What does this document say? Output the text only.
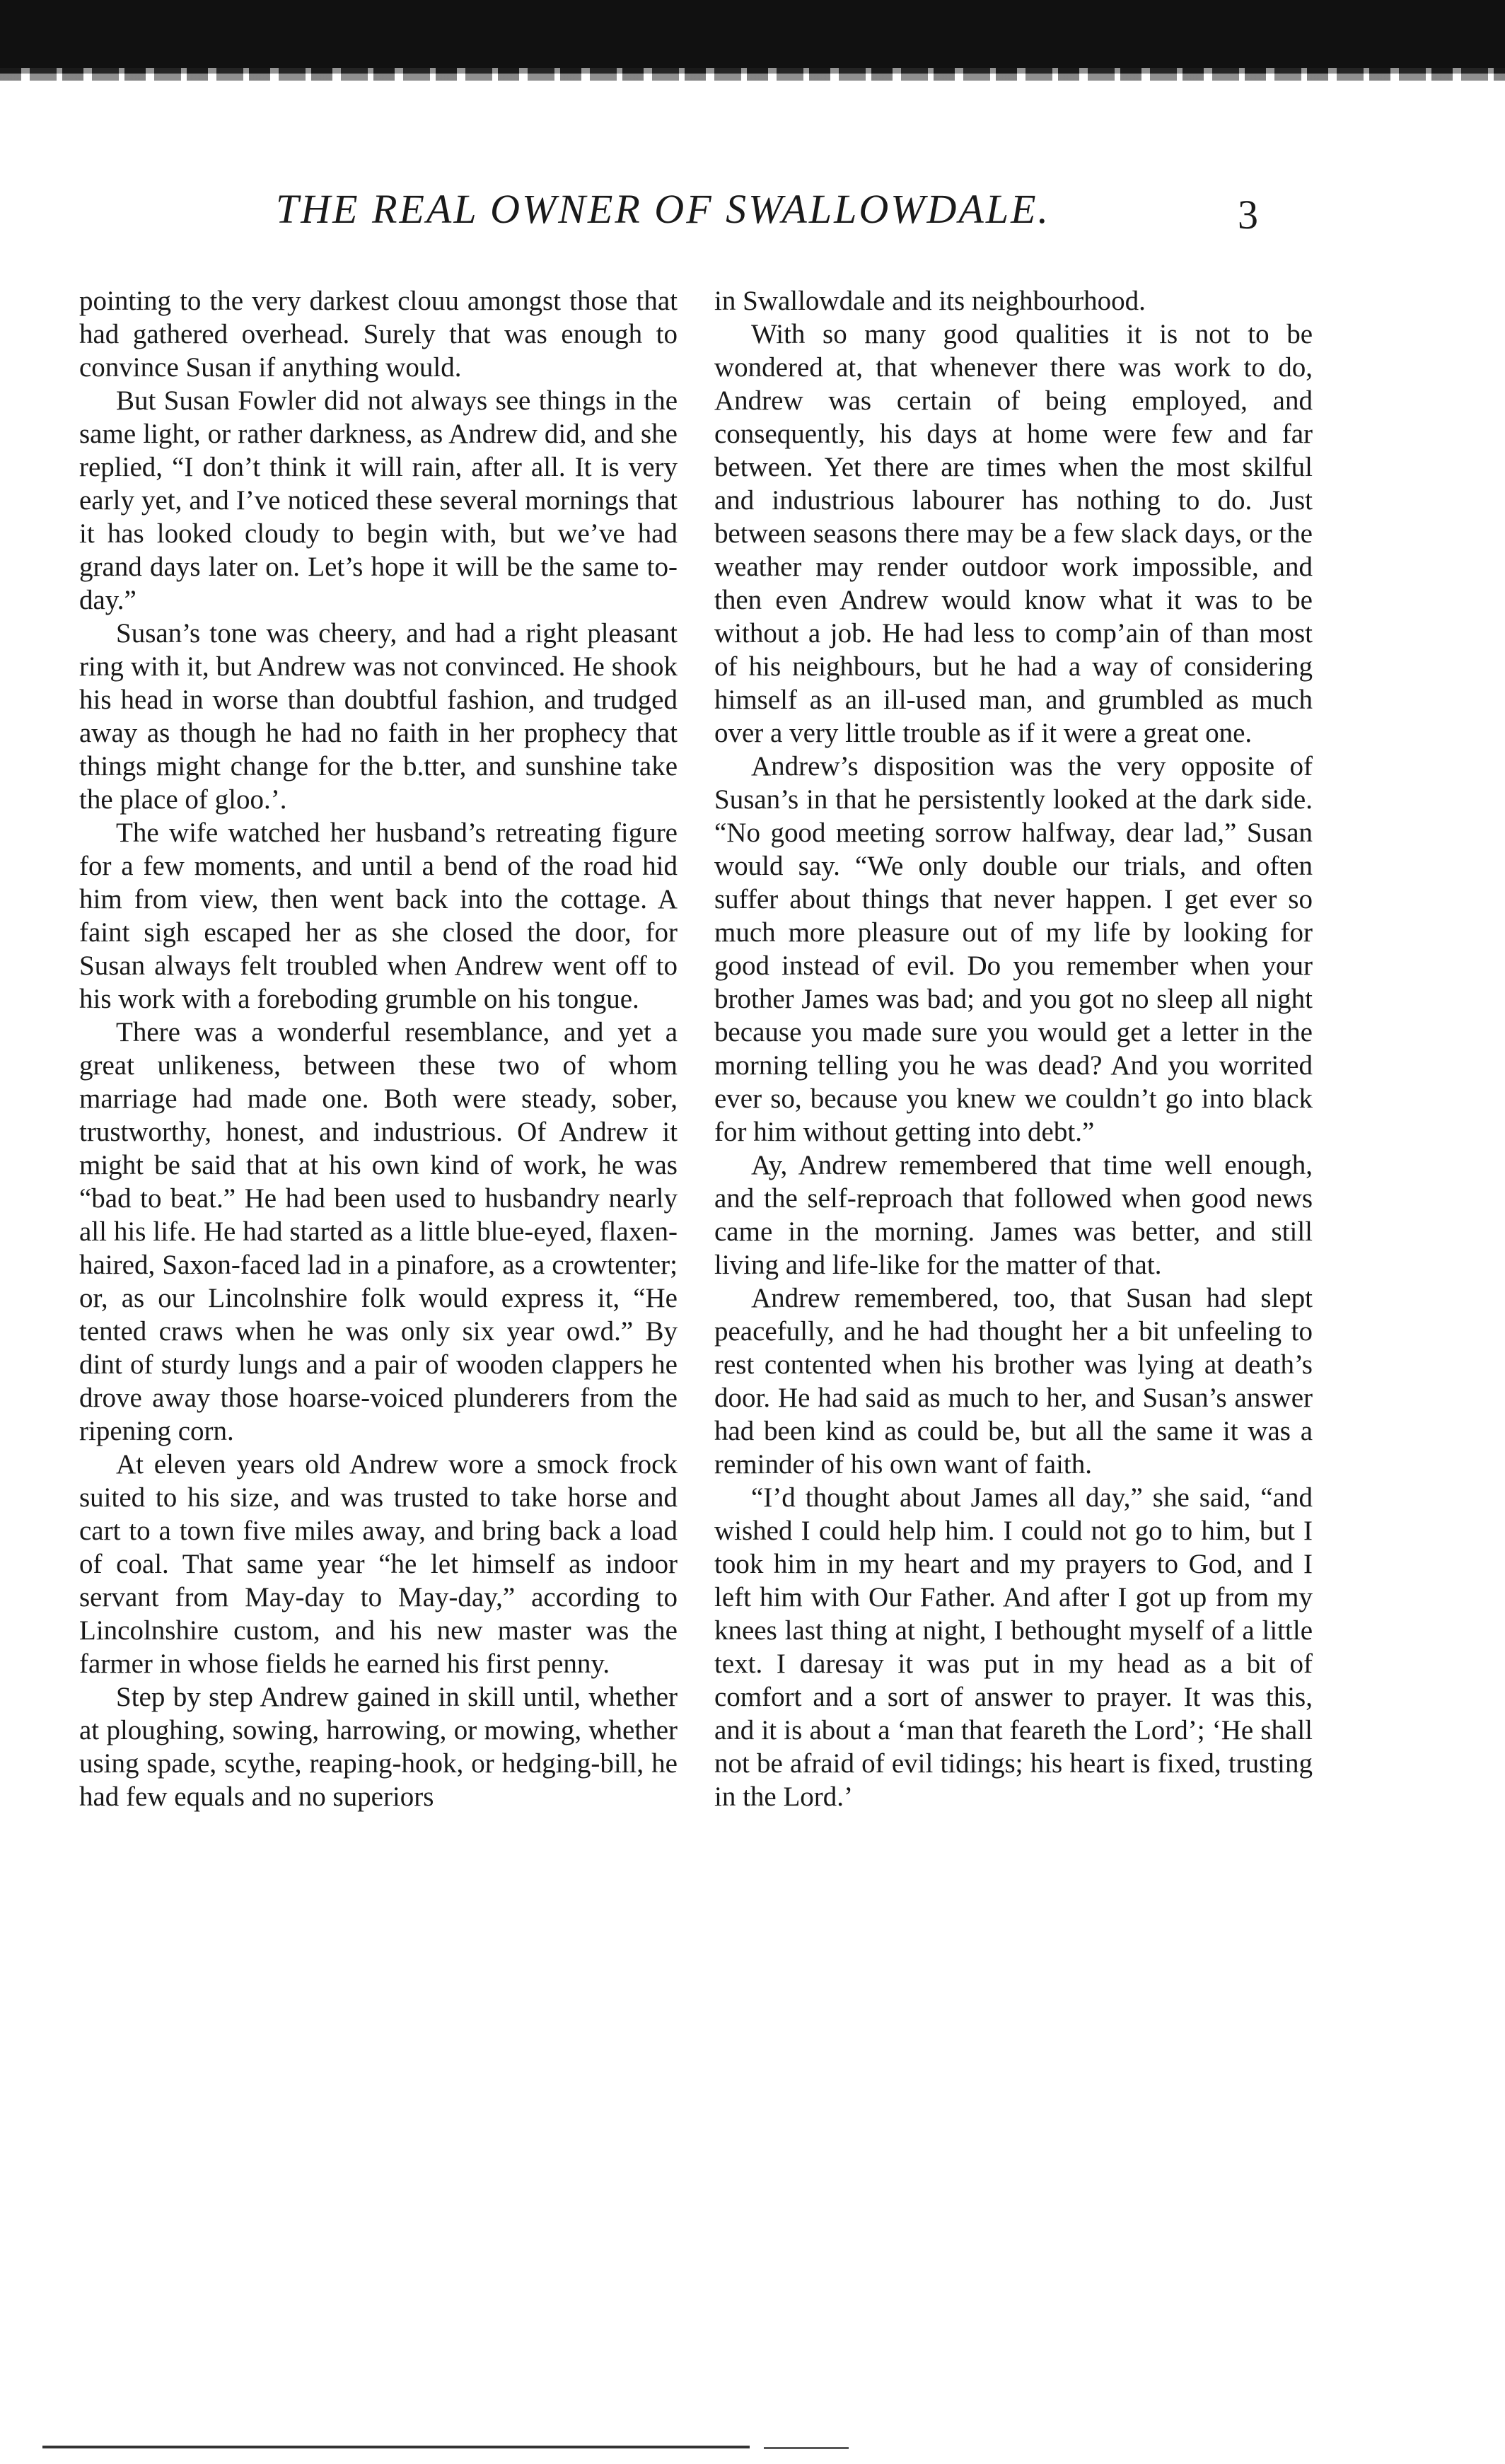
THE REAL OWNER OF SWALLOWDALE.	3

pointing to the very darkest clouu amongst those that had gathered overhead. Surely that was enough to convince Susan if anything would.

But Susan Fowler did not always see things in the same light, or rather darkness, as Andrew did, and she replied, “I don’t think it will rain, after all. It is very early yet, and I’ve noticed these several mornings that it has looked cloudy to begin with, but we’ve had grand days later on. Let’s hope it will be the same to-day.”

Susan’s tone was cheery, and had a right pleasant ring with it, but Andrew was not convinced. He shook his head in worse than doubtful fashion, and trudged away as though he had no faith in her prophecy that things might change for the b.tter, and sunshine take the place of gloo.’.

The wife watched her husband’s retreating figure for a few moments, and until a bend of the road hid him from view, then went back into the cottage. A faint sigh escaped her as she closed the door, for Susan always felt troubled when Andrew went off to his work with a foreboding grumble on his tongue.

There was a wonderful resemblance, and yet a great unlikeness, between these two of whom marriage had made one. Both were steady, sober, trustworthy, honest, and industrious. Of Andrew it might be said that at his own kind of work, he was “bad to beat.” He had been used to husbandry nearly all his life. He had started as a little blue-eyed, flaxen-haired, Saxon-faced lad in a pinafore, as a crowtenter; or, as our Lincolnshire folk would express it, “He tented craws when he was only six year owd.” By dint of sturdy lungs and a pair of wooden clappers he drove away those hoarse-voiced plunderers from the ripening corn.

At eleven years old Andrew wore a smock frock suited to his size, and was trusted to take horse and cart to a town five miles away, and bring back a load of coal. That same year “he let himself as indoor servant from May-day to May-day,” according to Lincolnshire custom, and his new master was the farmer in whose fields he earned his first penny.

Step by step Andrew gained in skill until, whether at ploughing, sowing, harrowing, or mowing, whether using spade, scythe, reaping-hook, or hedging-bill, he had few equals and no superiors

in Swallowdale and its neighbourhood.

With so many good qualities it is not to be wondered at, that whenever there was work to do, Andrew was certain of being employed, and consequently, his days at home were few and far between. Yet there are times when the most skilful and industrious labourer has nothing to do. Just between seasons there may be a few slack days, or the weather may render outdoor work impossible, and then even Andrew would know what it was to be without a job. He had less to comp’ain of than most of his neighbours, but he had a way of considering himself as an ill-used man, and grumbled as much over a very little trouble as if it were a great one.

Andrew’s disposition was the very opposite of Susan’s in that he persistently looked at the dark side. “No good meeting sorrow halfway, dear lad,” Susan would say. “We only double our trials, and often suffer about things that never happen. I get ever so much more pleasure out of my life by looking for good instead of evil. Do you remember when your brother James was bad; and you got no sleep all night because you made sure you would get a letter in the morning telling you he was dead? And you worrited ever so, because you knew we couldn’t go into black for him without getting into debt.”

Ay, Andrew remembered that time well enough, and the self-reproach that followed when good news came in the morning. James was better, and still living and life-like for the matter of that.

Andrew remembered, too, that Susan had slept peacefully, and he had thought her a bit unfeeling to rest contented when his brother was lying at death’s door. He had said as much to her, and Susan’s answer had been kind as could be, but all the same it was a reminder of his own want of faith.

“I’d thought about James all day,” she said, “and wished I could help him. I could not go to him, but I took him in my heart and my prayers to God, and I left him with Our Father. And after I got up from my knees last thing at night, I bethought myself of a little text. I daresay it was put in my head as a bit of comfort and a sort of answer to prayer. It was this, and it is about a ‘man that feareth the Lord’; ‘He shall not be afraid of evil tidings; his heart is fixed, trusting in the Lord.’
